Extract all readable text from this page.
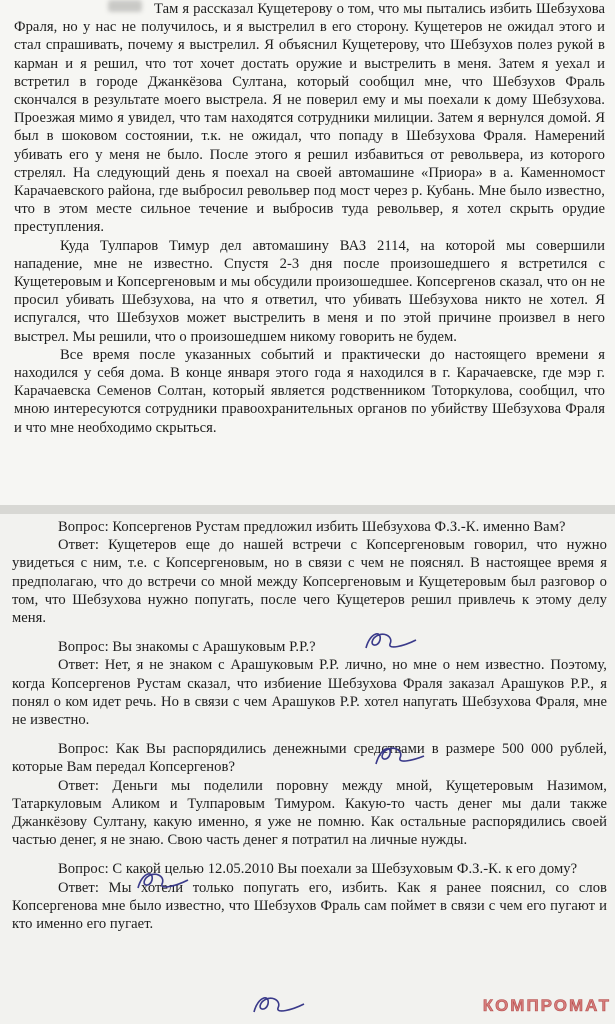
Там я рассказал Кущетерову о том, что мы пытались избить Шебзухова Фраля, но у нас не получилось, и я выстрелил в его сторону. Кущетеров не ожидал этого и стал спрашивать, почему я выстрелил. Я объяснил Кущетерову, что Шебзухов полез рукой в карман и я решил, что тот хочет достать оружие и выстрелить в меня. Затем я уехал и встретил в городе Джанкёзова Султана, который сообщил мне, что Шебзухов Фраль скончался в результате моего выстрела. Я не поверил ему и мы поехали к дому Шебзухова. Проезжая мимо я увидел, что там находятся сотрудники милиции. Затем я вернулся домой. Я был в шоковом состоянии, т.к. не ожидал, что попаду в Шебзухова Фраля. Намерений убивать его у меня не было. После этого я решил избавиться от револьвера, из которого стрелял. На следующий день я поехал на своей автомашине «Приора» в а. Каменномост Карачаевского района, где выбросил револьвер под мост через р. Кубань. Мне было известно, что в этом месте сильное течение и выбросив туда револьвер, я хотел скрыть орудие преступления.

Куда Тулпаров Тимур дел автомашину ВАЗ 2114, на которой мы совершили нападение, мне не известно. Спустя 2-3 дня после произошедшего я встретился с Кущетеровым и Копсергеновым и мы обсудили произошедшее. Копсергенов сказал, что он не просил убивать Шебзухова, на что я ответил, что убивать Шебзухова никто не хотел. Я испугался, что Шебзухов может выстрелить в меня и по этой причине произвел в него выстрел. Мы решили, что о произошедшем никому говорить не будем.

Все время после указанных событий и практически до настоящего времени я находился у себя дома. В конце января этого года я находился в г. Карачаевске, где мэр г. Карачаевска Семенов Солтан, который является родственником Тоторкулова, сообщил, что мною интересуются сотрудники правоохранительных органов по убийству Шебзухова Фраля и что мне необходимо скрыться.

Вопрос: Копсергенов Рустам предложил избить Шебзухова Ф.З.-К. именно Вам?

Ответ: Кущетеров еще до нашей встречи с Копсергеновым говорил, что нужно увидеться с ним, т.е. с Копсергеновым, но в связи с чем не пояснял. В настоящее время я предполагаю, что до встречи со мной между Копсергеновым и Кущетеровым был разговор о том, что Шебзухова нужно попугать, после чего Кущетеров решил привлечь к этому делу меня.

Вопрос: Вы знакомы с Арашуковым Р.Р.?

Ответ: Нет, я не знаком с Арашуковым Р.Р. лично, но мне о нем известно. Поэтому, когда Копсергенов Рустам сказал, что избиение Шебзухова Фраля заказал Арашуков Р.Р., я понял о ком идет речь. Но в связи с чем Арашуков Р.Р. хотел напугать Шебзухова Фраля, мне не известно.

Вопрос: Как Вы распорядились денежными средствами в размере 500 000 рублей, которые Вам передал Копсергенов?

Ответ: Деньги мы поделили поровну между мной, Кущетеровым Назимом, Татаркуловым Аликом и Тулпаровым Тимуром. Какую-то часть денег мы дали также Джанкёзову Султану, какую именно, я уже не помню. Как остальные распорядились своей частью денег, я не знаю. Свою часть денег я потратил на личные нужды.

Вопрос: С какой целью 12.05.2010 Вы поехали за Шебзуховым Ф.З.-К. к его дому?

Ответ: Мы хотели только попугать его, избить. Как я ранее пояснил, со слов Копсергенова мне было известно, что Шебзухов Фраль сам поймет в связи с чем его пугают и кто именно его пугает.

КОМПРОМАТ
